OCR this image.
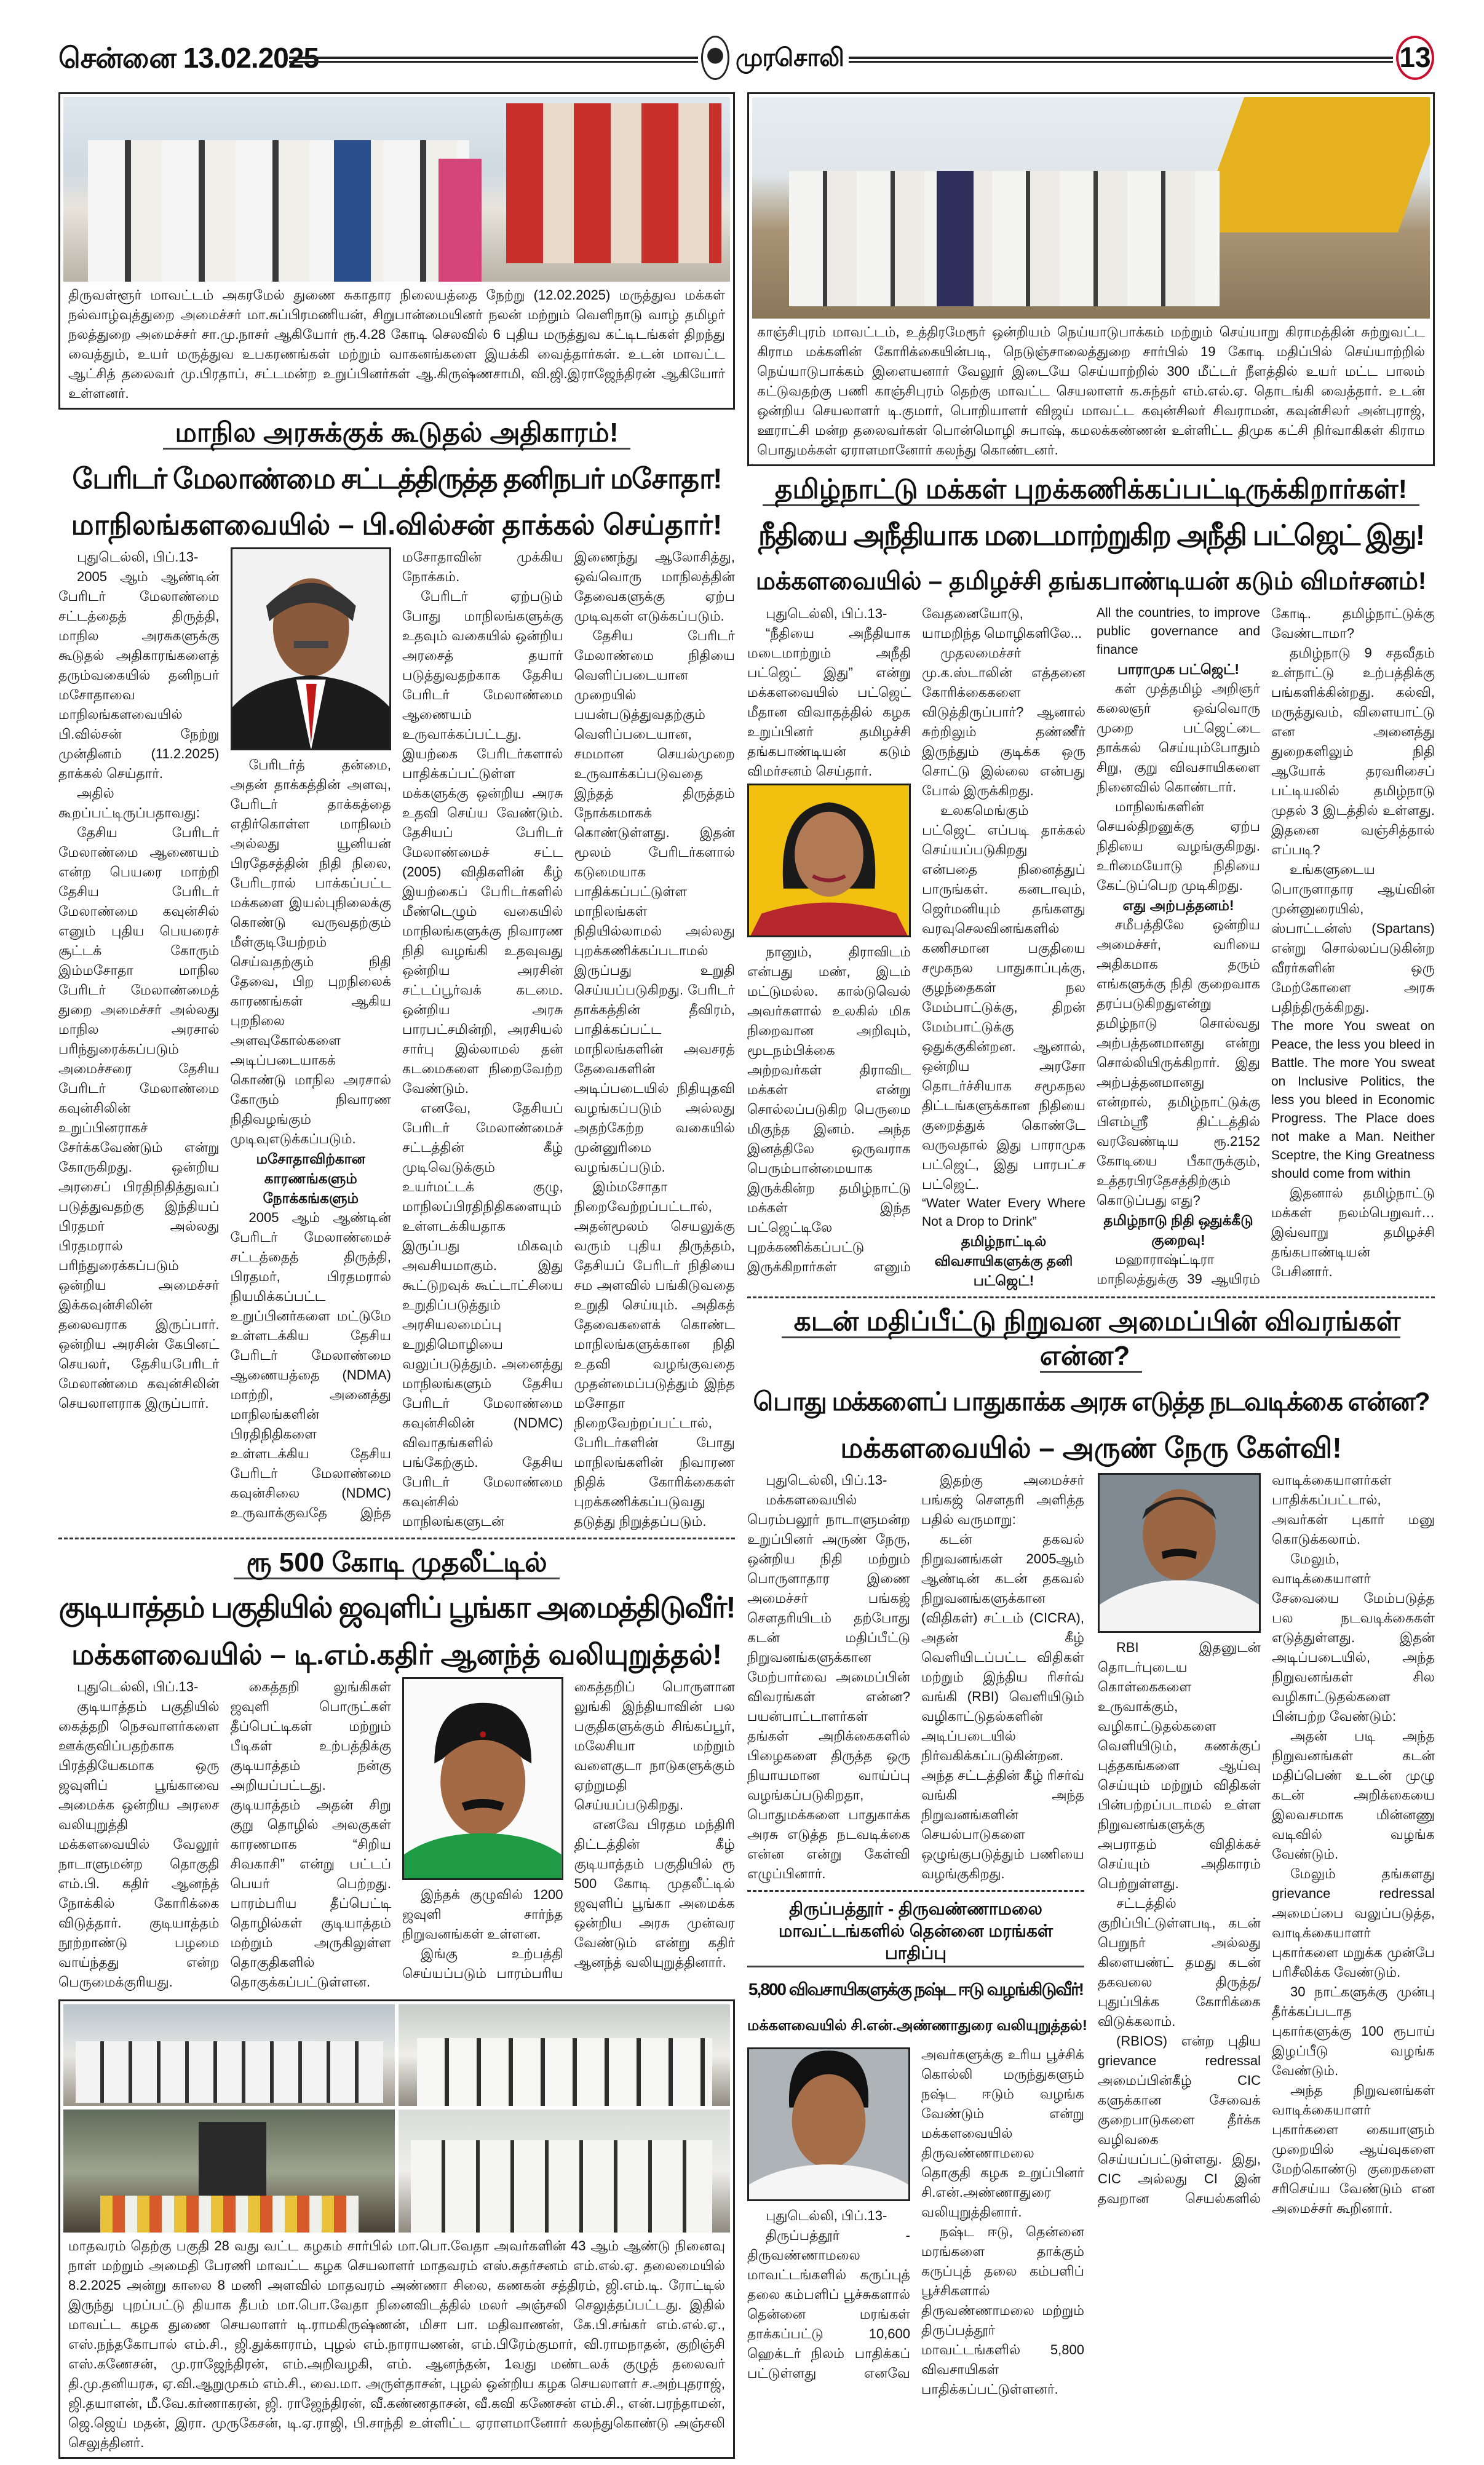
சென்னை 13.02.2025	முரசொலி	13
திருவள்ளூர் மாவட்டம் அகரமேல் துணை சுகாதார நிலையத்தை நேற்று (12.02.2025) மருத்துவ மக்கள் நல்வாழ்வுத்துறை அமைச்சர் மா.சுப்பிரமணியன், சிறுபான்மையினர் நலன் மற்றும் வெளிநாடு வாழ் தமிழர் நலத்துறை அமைச்சர் சா.மு.நாசர் ஆகியோர் ரூ.4.28 கோடி செலவில் 6 புதிய மருத்துவ கட்டிடங்கள் திறந்து வைத்தும், உயர் மருத்துவ உபகரணங்கள் மற்றும் வாகனங்களை இயக்கி வைத்தார்கள். உடன் மாவட்ட ஆட்சித் தலைவர் மு.பிரதாப், சட்டமன்ற உறுப்பினர்கள் ஆ.கிருஷ்ணசாமி, வி.ஜி.இராஜேந்திரன் ஆகியோர் உள்ளனர்.
மாநில அரசுக்குக் கூடுதல் அதிகாரம்!
பேரிடர் மேலாண்மை சட்டத்திருத்த தனிநபர் மசோதா!
மாநிலங்களவையில் – பி.வில்சன் தாக்கல் செய்தார்!

புதுடெல்லி, பிப்.13-

2005 ஆம் ஆண்டின் பேரிடர் மேலாண்மை சட்டத்தைத் திருத்தி, மாநில அரசுகளுக்கு கூடுதல் அதிகாரங்களைத் தரும்வகையில் தனிநபர் மசோதாவை மாநிலங்களவையில் பி.வில்சன் நேற்று முன்தினம் (11.2.2025) தாக்கல் செய்தார்.

அதில் கூறப்பட்டிருப்பதாவது:

தேசிய பேரிடர் மேலாண்மை ஆணையம் என்ற பெயரை மாற்றி தேசிய பேரிடர் மேலாண்மை கவுன்சில் எனும் புதிய பெயரைச் சூட்டக் கோரும் இம்மசோதா மாநில பேரிடர் மேலாண்மைத் துறை அமைச்சர் அல்லது மாநில அரசால் பரிந்துரைக்கப்படும் அமைச்சரை தேசிய பேரிடர் மேலாண்மை கவுன்சிலின் உறுப்பினராகச் சேர்க்கவேண்டும் என்று கோருகிறது. ஒன்றிய அரசைப் பிரதிநிதித்துவப் படுத்துவதற்கு இந்தியப் பிரதமர் அல்லது பிரதமரால் பரிந்துரைக்கப்படும் ஒன்றிய அமைச்சர் இக்கவுன்சிலின் தலைவராக இருப்பார். ஒன்றிய அரசின் கேபினட் செயலர், தேசியபேரிடர் மேலாண்மை கவுன்சிலின் செயலாளராக இருப்பார்.

பேரிடர்த் தன்மை, அதன் தாக்கத்தின் அளவு, பேரிடர் தாக்கத்தை எதிர்கொள்ள மாநிலம் அல்லது யூனியன் பிரதேசத்தின் நிதி நிலை, பேரிடரால் பாக்கப்பட்ட மக்களை இயல்புநிலைக்கு கொண்டு வருவதற்கும் மீள்குடியேற்றம் செய்வதற்கும் நிதி தேவை, பிற புறநிலைக் காரணங்கள் ஆகிய புறநிலை அளவுகோல்களை அடிப்படையாகக் கொண்டு மாநில அரசால் கோரும் நிவாரண நிதிவழங்கும் முடிவுஎடுக்கப்படும்.

மசோதாவிற்கான காரணங்களும் நோக்கங்களும்

2005 ஆம் ஆண்டின் பேரிடர் மேலாண்மைச் சட்டத்தைத் திருத்தி, பிரதமர், பிரதமரால் நியமிக்கப்பட்ட உறுப்பினர்களை மட்டுமே உள்ளடக்கிய தேசிய பேரிடர் மேலாண்மை ஆணையத்தை (NDMA) மாற்றி, அனைத்து மாநிலங்களின் பிரதிநிதிகளை உள்ளடக்கிய தேசிய பேரிடர் மேலாண்மை கவுன்சிலை (NDMC) உருவாக்குவதே இந்த மசோதாவின் முக்கிய நோக்கம்.

பேரிடர் ஏற்படும் போது மாநிலங்களுக்கு உதவும் வகையில் ஒன்றிய அரசைத் தயார் படுத்துவதற்காக தேசிய பேரிடர் மேலாண்மை ஆணையம் உருவாக்கப்பட்டது. இயற்கை பேரிடர்களால் பாதிக்கப்பட்டுள்ள மக்களுக்கு ஒன்றிய அரசு உதவி செய்ய வேண்டும். தேசியப் பேரிடர் மேலாண்மைச் சட்ட (2005) விதிகளின் கீழ் இயற்கைப் பேரிடர்களில் மீண்டெழும் வகையில் மாநிலங்களுக்கு நிவாரண நிதி வழங்கி உதவுவது ஒன்றிய அரசின் சட்டப்பூர்வக் கடமை. ஒன்றிய அரசு பாரபட்சமின்றி, அரசியல் சார்பு இல்லாமல் தன் கடமைகளை நிறைவேற்ற வேண்டும்.

எனவே, தேசியப் பேரிடர் மேலாண்மைச் சட்டத்தின் கீழ் முடிவெடுக்கும் உயர்மட்டக் குழு, மாநிலப்பிரதிநிதிகளையும் உள்ளடக்கியதாக இருப்பது மிகவும் அவசியமாகும். இது கூட்டுறவுக் கூட்டாட்சியை உறுதிப்படுத்தும் அரசியலமைப்பு உறுதிமொழியை வலுப்படுத்தும். அனைத்து மாநிலங்களும் தேசிய பேரிடர் மேலாண்மை கவுன்சிலின் (NDMC) விவாதங்களில் பங்கேற்கும். தேசிய பேரிடர் மேலாண்மை கவுன்சில் மாநிலங்களுடன் இணைந்து ஆலோசித்து, ஒவ்வொரு மாநிலத்தின் தேவைகளுக்கு ஏற்ப முடிவுகள் எடுக்கப்படும்.

தேசிய பேரிடர் மேலாண்மை நிதியை வெளிப்படையான முறையில் பயன்படுத்துவதற்கும் வெளிப்படையான, சமமான செயல்முறை உருவாக்கப்படுவதை இந்தத் திருத்தம் நோக்கமாகக் கொண்டுள்ளது. இதன் மூலம் பேரிடர்களால் கடுமையாக பாதிக்கப்பட்டுள்ள மாநிலங்கள் நிதியில்லாமல் அல்லது புறக்கணிக்கப்படாமல் இருப்பது உறுதி செய்யப்படுகிறது. பேரிடர் தாக்கத்தின் தீவிரம், பாதிக்கப்பட்ட மாநிலங்களின் அவசரத் தேவைகளின் அடிப்படையில் நிதியுதவி வழங்கப்படும் அல்லது அதற்கேற்ற வகையில் முன்னுரிமை வழங்கப்படும்.

இம்மசோதா நிறைவேற்றப்பட்டால், அதன்மூலம் செயலுக்கு வரும் புதிய திருத்தம், தேசியப் பேரிடர் நிதியை சம அளவில் பங்கிடுவதை உறுதி செய்யும். அதிகத் தேவைகளைக் கொண்ட மாநிலங்களுக்கான நிதி உதவி வழங்குவதை முதன்மைப்படுத்தும் இந்த மசோதா நிறைவேற்றப்பட்டால், பேரிடர்களின் போது மாநிலங்களின் நிவாரண நிதிக் கோரிக்கைகள் புறக்கணிக்கப்படுவது தடுத்து நிறுத்தப்படும்.

ரூ 500 கோடி முதலீட்டில்
குடியாத்தம் பகுதியில் ஜவுளிப் பூங்கா அமைத்திடுவீர்!
மக்களவையில் – டி.எம்.கதிர் ஆனந்த் வலியுறுத்தல்!

புதுடெல்லி, பிப்.13-

குடியாத்தம் பகுதியில் கைத்தறி நெசவாளர்களை ஊக்குவிப்பதற்காக பிரத்தியேகமாக ஒரு ஜவுளிப் பூங்காவை அமைக்க ஒன்றிய அரசை வலியுறுத்தி மக்களவையில் வேலூர் நாடாளுமன்ற தொகுதி எம்.பி. கதிர் ஆனந்த் நோக்கில் கோரிக்கை விடுத்தார். குடியாத்தம் நூற்றாண்டு பழமை வாய்ந்தது என்ற பெருமைக்குரியது.

கைத்தறி லுங்கிகள் ஜவுளி பொருட்கள் தீப்பெட்டிகள் மற்றும் பீடிகள் உற்பத்திக்கு குடியாத்தம் நன்கு அறியப்பட்டது. குடியாத்தம் அதன் சிறு குறு தொழில் அலகுகள் காரணமாக “சிறிய சிவகாசி” என்று பட்டப் பெயர் பெற்றது. பாரம்பரிய தீப்பெட்டி தொழில்கள் குடியாத்தம் மற்றும் அருகிலுள்ள தொகுதிகளில் தொகுக்கப்பட்டுள்ளன.

இந்தக் குழுவில் 1200 ஜவுளி சார்ந்த நிறுவனங்கள் உள்ளன.

இங்கு உற்பத்தி செய்யப்படும் பாரம்பரிய கைத்தறிப் பொருளான லுங்கி இந்தியாவின் பல பகுதிகளுக்கும் சிங்கப்பூர், மலேசியா மற்றும் வளைகுடா நாடுகளுக்கும் ஏற்றுமதி செய்யப்படுகிறது.

எனவே பிரதம மந்திரி திட்டத்தின் கீழ் குடியாத்தம் பகுதியில் ரூ 500 கோடி முதலீட்டில் ஜவுளிப் பூங்கா அமைக்க ஒன்றிய அரசு முன்வர வேண்டும் என்று கதிர் ஆனந்த் வலியுறுத்தினார்.

மாதவரம் தெற்கு பகுதி 28 வது வட்ட கழகம் சார்பில் மா.பொ.வேதா அவர்களின் 43 ஆம் ஆண்டு நினைவு நாள் மற்றும் அமைதி பேரணி மாவட்ட கழக செயலாளர் மாதவரம் எஸ்.சுதர்சனம் எம்.எல்.ஏ. தலைமையில் 8.2.2025 அன்று காலை 8 மணி அளவில் மாதவரம் அண்ணா சிலை, கணகன் சத்திரம், ஜி.எம்.டி. ரோட்டில் இருந்து புறப்பட்டு தியாக தீபம் மா.பொ.வேதா நினைவிடத்தில் மலர் அஞ்சலி செலுத்தப்பட்டது. இதில் மாவட்ட கழக துணை செயலாளர் டி.ராமகிருஷ்ணன், மிசா பா. மதிவாணன், கே.பி.சங்கர் எம்.எல்.ஏ., எஸ்.நந்தகோபால் எம்.சி., ஜி.துக்காராம், புழல் எம்.நாராயணன், எம்.பிரேம்குமார், வி.ராமநாதன், குறிஞ்சி எஸ்.கணேசன், மு.ராஜேந்திரன், எம்.அறிவழகி, எம். ஆனந்தன், 1வது மண்டலக் குழுத் தலைவர் தி.மு.தனியரசு, ஏ.வி.ஆறுமுகம் எம்.சி., வை.மா. அருள்தாசன், புழல் ஒன்றிய கழக செயலாளர் ச.அற்புதராஜ், ஜி.தயாளன், மீ.வே.கர்ணாகரன், ஜி. ராஜேந்திரன், வீ.கண்ணதாசன், வீ.கவி கணேசன் எம்.சி., என்.பரந்தாமன், ஜெ.ஜெய் மதன், இரா. முருகேசன், டி.ஏ.ராஜி, பி.சாந்தி உள்ளிட்ட ஏராளமானோர் கலந்துகொண்டு அஞ்சலி செலுத்தினர்.
காஞ்சிபுரம் மாவட்டம், உத்திரமேரூர் ஒன்றியம் நெய்யாடுபாக்கம் மற்றும் செய்யாறு கிராமத்தின் சுற்றுவட்ட கிராம மக்களின் கோரிக்கையின்படி, நெடுஞ்சாலைத்துறை சார்பில் 19 கோடி மதிப்பில் செய்யாற்றில் நெய்யாடுபாக்கம் இளையனார் வேலூர் இடையே செய்யாற்றில் 300 மீட்டர் நீளத்தில் உயர் மட்ட பாலம் கட்டுவதற்கு பணி காஞ்சிபுரம் தெற்கு மாவட்ட செயலாளர் க.சுந்தர் எம்.எல்.ஏ. தொடங்கி வைத்தார். உடன் ஒன்றிய செயலாளர் டி.குமார், பொறியாளர் விஜய் மாவட்ட கவுன்சிலர் சிவராமன், கவுன்சிலர் அன்புராஜ், ஊராட்சி மன்ற தலைவர்கள் பொன்மொழி சுபாஷ், கமலக்கண்ணன் உள்ளிட்ட திமுக கட்சி நிர்வாகிகள் கிராம பொதுமக்கள் ஏராளமானோர் கலந்து கொண்டனர்.
தமிழ்நாட்டு மக்கள் புறக்கணிக்கப்பட்டிருக்கிறார்கள்!
நீதியை அநீதியாக மடைமாற்றுகிற அநீதி பட்ஜெட் இது!
மக்களவையில் – தமிழச்சி தங்கபாண்டியன் கடும் விமர்சனம்!

புதுடெல்லி, பிப்.13-

“நீதியை அநீதியாக மடைமாற்றும் அநீதி பட்ஜெட் இது” என்று மக்களவையில் பட்ஜெட் மீதான விவாதத்தில் கழக உறுப்பினர் தமிழச்சி தங்கபாண்டியன் கடும் விமர்சனம் செய்தார்.

நானும், திராவிடம் என்பது மண், இடம் மட்டுமல்ல. கால்டுவெல் அவர்களால் உலகில் மிக நிறைவான அறிவும், மூடநம்பிக்கை அற்றவர்கள் திராவிட மக்கள் என்று சொல்லப்படுகிற பெருமை மிகுந்த இனம். அந்த இனத்திலே ஒருவராக பெரும்பான்மையாக இருக்கின்ற தமிழ்நாட்டு மக்கள் இந்த பட்ஜெட்டிலே புறக்கணிக்கப்பட்டு இருக்கிறார்கள் எனும் வேதனையோடு, யாமறிந்த மொழிகளிலே...

முதலமைச்சர் மு.க.ஸ்டாலின் எத்தனை கோரிக்கைகளை விடுத்திருப்பார்? ஆனால் சுற்றிலும் தண்ணீர் இருந்தும் குடிக்க ஒரு சொட்டு இல்லை என்பது போல் இருக்கிறது.

உலகமெங்கும் பட்ஜெட் எப்படி தாக்கல் செய்யப்படுகிறது என்பதை நினைத்துப் பாருங்கள். கனடாவும், ஜெர்மனியும் தங்களது வரவுசெலவினங்களில் கணிசமான பகுதியை சமூகநல பாதுகாப்புக்கு, குழந்தைகள் நல மேம்பாட்டுக்கு, திறன் மேம்பாட்டுக்கு ஒதுக்குகின்றன. ஆனால், ஒன்றிய அரசோ தொடர்ச்சியாக சமூகநல திட்டங்களுக்கான நிதியை குறைத்துக் கொண்டே வருவதால் இது பாராமுக பட்ஜெட், இது பாரபட்ச பட்ஜெட்.

“Water Water Every Where Not a Drop to Drink”

தமிழ்நாட்டில் விவசாயிகளுக்கு தனி பட்ஜெட்!

All the countries, to improve public governance and finance

பாராமுக பட்ஜெட்!

கள் முத்தமிழ் அறிஞர் கலைஞர் ஒவ்வொரு முறை பட்ஜெட்டை தாக்கல் செய்யும்போதும் சிறு, குறு விவசாயிகளை நினைவில் கொண்டார்.

மாநிலங்களின் செயல்திறனுக்கு ஏற்ப நிதியை வழங்குகிறது. உரிமையோடு நிதியை கேட்டுப்பெற முடிகிறது.

எது அற்பத்தனம்!

சமீபத்திலே ஒன்றிய அமைச்சர், வரியை அதிகமாக தரும் எங்களுக்கு நிதி குறைவாக தரப்படுகிறதுஎன்று தமிழ்நாடு சொல்வது அற்பத்தனமானது என்று சொல்லியிருக்கிறார். இது அற்பத்தனமானது என்றால், தமிழ்நாட்டுக்கு பிஎம்ஸ்ரீ திட்டத்தில் வரவேண்டிய ரூ.2152 கோடியை பீகாருக்கும், உத்தரபிரதேசத்திற்கும் கொடுப்பது எது?

தமிழ்நாடு நிதி ஒதுக்கீடு குறைவு!

மஹாராஷ்ட்டிரா மாநிலத்துக்கு 39 ஆயிரம் கோடி. தமிழ்நாட்டுக்கு வேண்டாமா?

தமிழ்நாடு 9 சதவீதம் உள்நாட்டு உற்பத்திக்கு பங்களிக்கின்றது. கல்வி, மருத்துவம், விளையாட்டு என அனைத்து துறைகளிலும் நிதி ஆயோக் தரவரிசைப் பட்டியலில் தமிழ்நாடு முதல் 3 இடத்தில் உள்ளது. இதனை வஞ்சித்தால் எப்படி?

உங்களுடைய பொருளாதார ஆய்வின் முன்னுரையில், ஸ்பாட்டன்ஸ் (Spartans) என்று சொல்லப்படுகின்ற வீரர்களின் ஒரு மேற்கோளை அரசு பதிந்திருக்கிறது.

The more You sweat on Peace, the less you bleed in Battle. The more You sweat on Inclusive Politics, the less you bleed in Economic Progress. The Place does not make a Man. Neither Sceptre, the King Greatness should come from within

இதனால் தமிழ்நாட்டு மக்கள் நலம்பெறுவர்… இவ்வாறு தமிழச்சி தங்கபாண்டியன் பேசினார்.

கடன் மதிப்பீட்டு நிறுவன அமைப்பின் விவரங்கள் என்ன?
பொது மக்களைப் பாதுகாக்க அரசு எடுத்த நடவடிக்கை என்ன?
மக்களவையில் – அருண் நேரு கேள்வி!

புதுடெல்லி, பிப்.13-

மக்களவையில் பெரம்பலூர் நாடாளுமன்ற உறுப்பினர் அருண் நேரு, ஒன்றிய நிதி மற்றும் பொருளாதார இணை அமைச்சர் பங்கஜ் சௌதரியிடம் தற்போது கடன் மதிப்பீட்டு நிறுவனங்களுக்கான மேற்பார்வை அமைப்பின் விவரங்கள் என்ன? பயன்பாட்டாளர்கள் தங்கள் அறிக்கைகளில் பிழைகளை திருத்த ஒரு நியாயமான வாய்ப்பு வழங்கப்படுகிறதா, பொதுமக்களை பாதுகாக்க அரசு எடுத்த நடவடிக்கை என்ன என்று கேள்வி எழுப்பினார்.

இதற்கு அமைச்சர் பங்கஜ் சௌதரி அளித்த பதில் வருமாறு:

கடன் தகவல் நிறுவனங்கள் 2005ஆம் ஆண்டின் கடன் தகவல் நிறுவனங்களுக்கான (விதிகள்) சட்டம் (CICRA), அதன் கீழ் வெளியிடப்பட்ட விதிகள் மற்றும் இந்திய ரிசர்வ் வங்கி (RBI) வெளியிடும் வழிகாட்டுதல்களின் அடிப்படையில் நிர்வகிக்கப்படுகின்றன. அந்த சட்டத்தின் கீழ் ரிசர்வ் வங்கி அந்த நிறுவனங்களின் செயல்பாடுகளை ஒழுங்குபடுத்தும் பணியை வழங்குகிறது.

திருப்பத்தூர் - திருவண்ணாமலை மாவட்டங்களில் தென்னை மரங்கள் பாதிப்பு
5,800 விவசாயிகளுக்கு நஷ்ட ஈடு வழங்கிடுவீர்!
மக்களவையில் சி.என்.அண்ணாதுரை வலியுறுத்தல்!

புதுடெல்லி, பிப்.13-

திருப்பத்தூர் - திருவண்ணாமலை மாவட்டங்களில் கருப்புத் தலை கம்பளிப் பூச்சுகளால் தென்னை மரங்கள் தாக்கப்பட்டு 10,600 ஹெக்டர் நிலம் பாதிக்கப் பட்டுள்ளது எனவே அவர்களுக்கு உரிய பூச்சிக் கொல்லி மருந்துகளும் நஷ்ட ஈடும் வழங்க வேண்டும் என்று மக்களவையில் திருவண்ணாமலை தொகுதி கழக உறுப்பினர் சி.என்.அண்ணாதுரை வலியுறுத்தினார்.

நஷ்ட ஈடு, தென்னை மரங்களை தாக்கும் கருப்புத் தலை கம்பளிப் பூச்சிகளால் திருவண்ணாமலை மற்றும் திருப்பத்தூர் மாவட்டங்களில் 5,800 விவசாயிகள் பாதிக்கப்பட்டுள்ளனர்.

RBI இதனுடன் தொடர்புடைய கொள்கைகளை உருவாக்கும், வழிகாட்டுதல்களை வெளியிடும், கணக்குப் புத்தகங்களை ஆய்வு செய்யும் மற்றும் விதிகள் பின்பற்றப்படாமல் உள்ள நிறுவனங்களுக்கு அபராதம் விதிக்கச் செய்யும் அதிகாரம் பெற்றுள்ளது.

சட்டத்தில் குறிப்பிட்டுள்ளபடி, கடன் பெறுநர் அல்லது கிளையண்ட் தமது கடன் தகவலை திருத்த/புதுப்பிக்க கோரிக்கை விடுக்கலாம்.

(RBIOS) என்ற புதிய grievance redressal அமைப்பின்கீழ் CIC களுக்கான சேவைக் குறைபாடுகளை தீர்க்க வழிவகை செய்யப்பட்டுள்ளது. இது, CIC அல்லது CI இன் தவறான செயல்களில் வாடிக்கையாளர்கள் பாதிக்கப்பட்டால், அவர்கள் புகார் மனு கொடுக்கலாம்.

மேலும், வாடிக்கையாளர் சேவையை மேம்படுத்த பல நடவடிக்கைகள் எடுத்துள்ளது. இதன் அடிப்படையில், அந்த நிறுவனங்கள் சில வழிகாட்டுதல்களை பின்பற்ற வேண்டும்:

அதன் படி அந்த நிறுவனங்கள் கடன் மதிப்பெண் உடன் முழு கடன் அறிக்கையை இலவசமாக மின்னணு வடிவில் வழங்க வேண்டும்.

மேலும் தங்களது grievance redressal அமைப்பை வலுப்படுத்த, வாடிக்கையாளர் புகார்களை மறுக்க முன்பே பரிசீலிக்க வேண்டும்.

30 நாட்களுக்கு முன்பு தீர்க்கப்படாத புகார்களுக்கு 100 ரூபாய் இழப்பீடு வழங்க வேண்டும்.

அந்த நிறுவனங்கள் வாடிக்கையாளர் புகார்களை கையாளும் முறையில் ஆய்வுகளை மேற்கொண்டு குறைகளை சரிசெய்ய வேண்டும் என அமைச்சர் கூறினார்.
